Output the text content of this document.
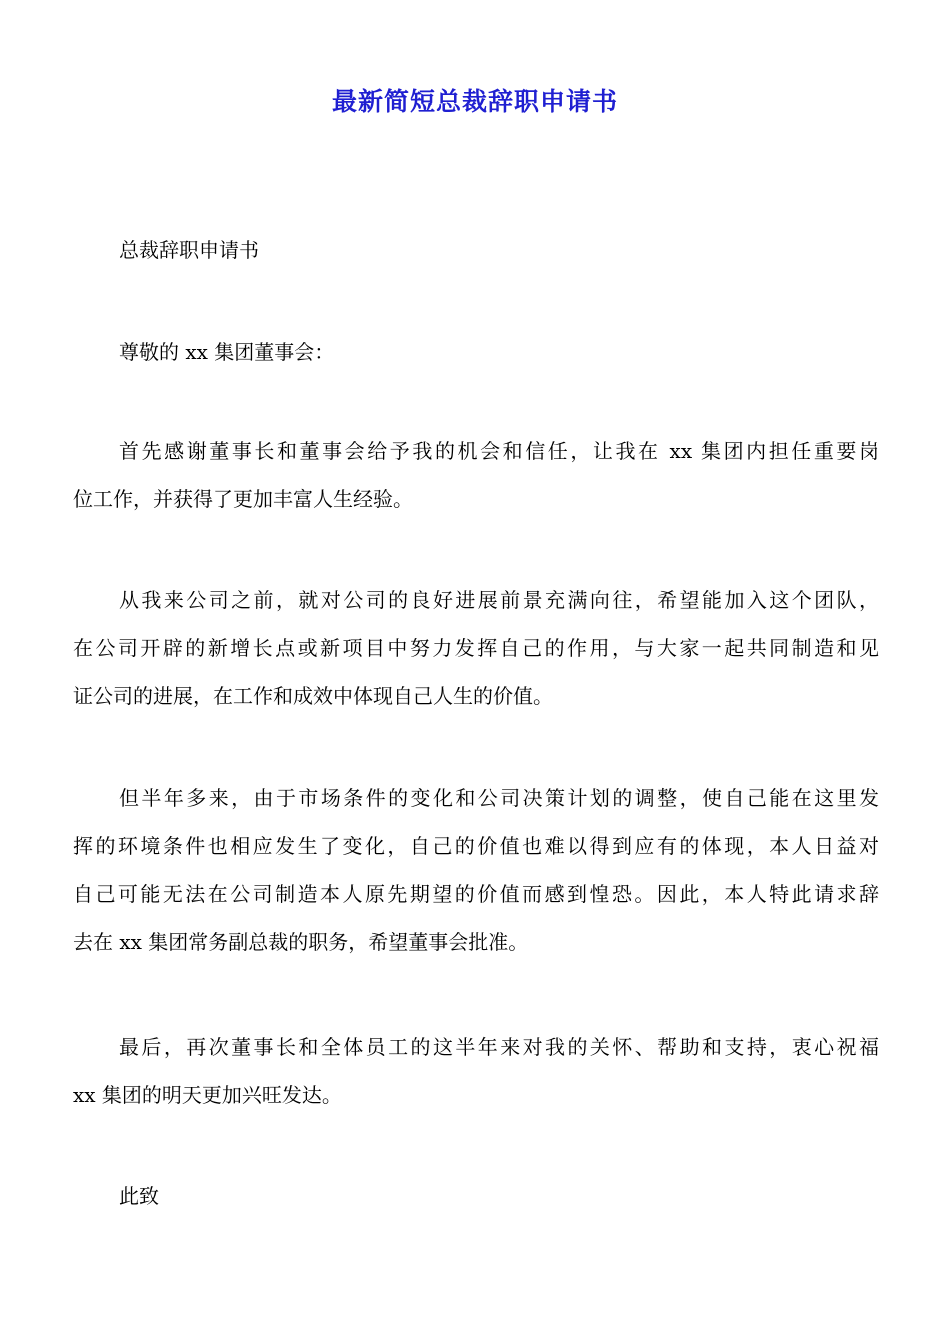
最新简短总裁辞职申请书

总裁辞职申请书

尊敬的 xx 集团董事会：

首先感谢董事长和董事会给予我的机会和信任，让我在 xx 集团内担任重要岗
位工作，并获得了更加丰富人生经验。
从我来公司之前，就对公司的良好进展前景充满向往，希望能加入这个团队，
在公司开辟的新增长点或新项目中努力发挥自己的作用，与大家一起共同制造和见
证公司的进展，在工作和成效中体现自己人生的价值。
但半年多来，由于市场条件的变化和公司决策计划的调整，使自己能在这里发
挥的环境条件也相应发生了变化，自己的价值也难以得到应有的体现，本人日益对
自己可能无法在公司制造本人原先期望的价值而感到惶恐。因此，本人特此请求辞
去在 xx 集团常务副总裁的职务，希望董事会批准。
最后，再次董事长和全体员工的这半年来对我的关怀、帮助和支持，衷心祝福
xx 集团的明天更加兴旺发达。

此致
